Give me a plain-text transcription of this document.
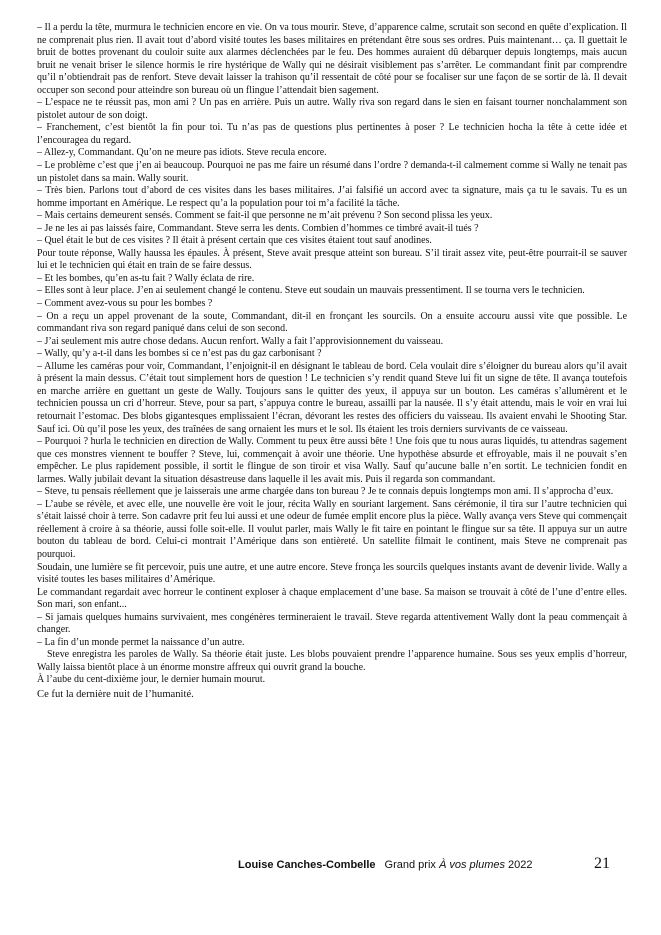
– Il a perdu la tête, murmura le technicien encore en vie. On va tous mourir. Steve, d’apparence calme, scrutait son second en quête d’explication. Il ne comprenait plus rien. Il avait tout d’abord visité toutes les bases militaires en prétendant être sous ses ordres. Puis maintenant… ça. Il guettait le bruit de bottes provenant du couloir suite aux alarmes déclenchées par le feu. Des hommes auraient dû débarquer depuis longtemps, mais aucun bruit ne venait briser le silence hormis le rire hystérique de Wally qui ne désirait visiblement pas s’arrêter. Le commandant finit par comprendre qu’il n’obtiendrait pas de renfort. Steve devait laisser la trahison qu’il ressentait de côté pour se focaliser sur une façon de se sortir de là. Il devait occuper son second pour atteindre son bureau où un flingue l’attendait bien sagement.

– L’espace ne te réussit pas, mon ami ? Un pas en arrière. Puis un autre. Wally riva son regard dans le sien en faisant tourner nonchalamment son pistolet autour de son doigt.

– Franchement, c’est bientôt la fin pour toi. Tu n’as pas de questions plus pertinentes à poser ? Le technicien hocha la tête à cette idée et l’encouragea du regard.

– Allez-y, Commandant. Qu’on ne meure pas idiots. Steve recula encore.

– Le problème c’est que j’en ai beaucoup. Pourquoi ne pas me faire un résumé dans l’ordre ? demanda-t-il calmement comme si Wally ne tenait pas un pistolet dans sa main. Wally sourit.

– Très bien. Parlons tout d’abord de ces visites dans les bases militaires. J’ai falsifié un accord avec ta signature, mais ça tu le savais. Tu es un homme important en Amérique. Le respect qu’a la population pour toi m’a facilité la tâche.

– Mais certains demeurent sensés. Comment se fait-il que personne ne m’ait prévenu ? Son second plissa les yeux.

– Je ne les ai pas laissés faire, Commandant. Steve serra les dents. Combien d’hommes ce timbré avait-il tués ?

– Quel était le but de ces visites ? Il était à présent certain que ces visites étaient tout sauf anodines.

Pour toute réponse, Wally haussa les épaules. À présent, Steve avait presque atteint son bureau. S’il tirait assez vite, peut-être pourrait-il se sauver lui et le technicien qui était en train de se faire dessus.

– Et les bombes, qu’en as-tu fait ? Wally éclata de rire.

– Elles sont à leur place. J’en ai seulement changé le contenu. Steve eut soudain un mauvais pressentiment. Il se tourna vers le technicien.

– Comment avez-vous su pour les bombes ?

– On a reçu un appel provenant de la soute, Commandant, dit-il en fronçant les sourcils. On a ensuite accouru aussi vite que possible. Le commandant riva son regard paniqué dans celui de son second.

– J’ai seulement mis autre chose dedans. Aucun renfort. Wally a fait l’approvisionnement du vaisseau.

– Wally, qu’y a-t-il dans les bombes si ce n’est pas du gaz carbonisant ?

– Allume les caméras pour voir, Commandant, l’enjoignit-il en désignant le tableau de bord. Cela voulait dire s’éloigner du bureau alors qu’il avait à présent la main dessus. C’était tout simplement hors de question ! Le technicien s’y rendit quand Steve lui fit un signe de tête. Il avança toutefois en marche arrière en guettant un geste de Wally. Toujours sans le quitter des yeux, il appuya sur un bouton. Les caméras s’allumèrent et le technicien poussa un cri d’horreur. Steve, pour sa part, s’appuya contre le bureau, assailli par la nausée. Il s’y était attendu, mais le voir en vrai lui retournait l’estomac. Des blobs gigantesques emplissaient l’écran, dévorant les restes des officiers du vaisseau. Ils avaient envahi le Shooting Star. Sauf ici. Où qu’il pose les yeux, des traînées de sang ornaient les murs et le sol. Ils étaient les trois derniers survivants de ce vaisseau.

– Pourquoi ? hurla le technicien en direction de Wally. Comment tu peux être aussi bête ! Une fois que tu nous auras liquidés, tu attendras sagement que ces monstres viennent te bouffer ? Steve, lui, commençait à avoir une théorie. Une hypothèse absurde et effroyable, mais il ne pouvait s’en empêcher. Le plus rapidement possible, il sortit le flingue de son tiroir et visa Wally. Sauf qu’aucune balle n’en sortit. Le technicien fondit en larmes. Wally jubilait devant la situation désastreuse dans laquelle il les avait mis. Puis il regarda son commandant.

– Steve, tu pensais réellement que je laisserais une arme chargée dans ton bureau ? Je te connais depuis longtemps mon ami. Il s’approcha d’eux.

– L’aube se révèle, et avec elle, une nouvelle ère voit le jour, récita Wally en souriant largement. Sans cérémonie, il tira sur l’autre technicien qui s’était laissé choir à terre. Son cadavre prit feu lui aussi et une odeur de fumée emplit encore plus la pièce. Wally avança vers Steve qui commençait réellement à croire à sa théorie, aussi folle soit-elle. Il voulut parler, mais Wally le fit taire en pointant le flingue sur sa tête. Il appuya sur un autre bouton du tableau de bord. Celui-ci montrait l’Amérique dans son entièreté. Un satellite filmait le continent, mais Steve ne comprenait pas pourquoi.

Soudain, une lumière se fit percevoir, puis une autre, et une autre encore. Steve fronça les sourcils quelques instants avant de devenir livide. Wally a visité toutes les bases militaires d’Amérique.

Le commandant regardait avec horreur le continent exploser à chaque emplacement d’une base. Sa maison se trouvait à côté de l’une d’entre elles. Son mari, son enfant...

– Si jamais quelques humains survivaient, mes congénères termineraient le travail. Steve regarda attentivement Wally dont la peau commençait à changer.

– La fin d’un monde permet la naissance d’un autre.

Steve enregistra les paroles de Wally. Sa théorie était juste. Les blobs pouvaient prendre l’apparence humaine. Sous ses yeux emplis d’horreur, Wally laissa bientôt place à un énorme monstre affreux qui ouvrit grand la bouche.

À l’aube du cent-dixième jour, le dernier humain mourut.

Ce fut la dernière nuit de l’humanité.

Louise Canches-Combelle Grand prix À vos plumes 2022	21
